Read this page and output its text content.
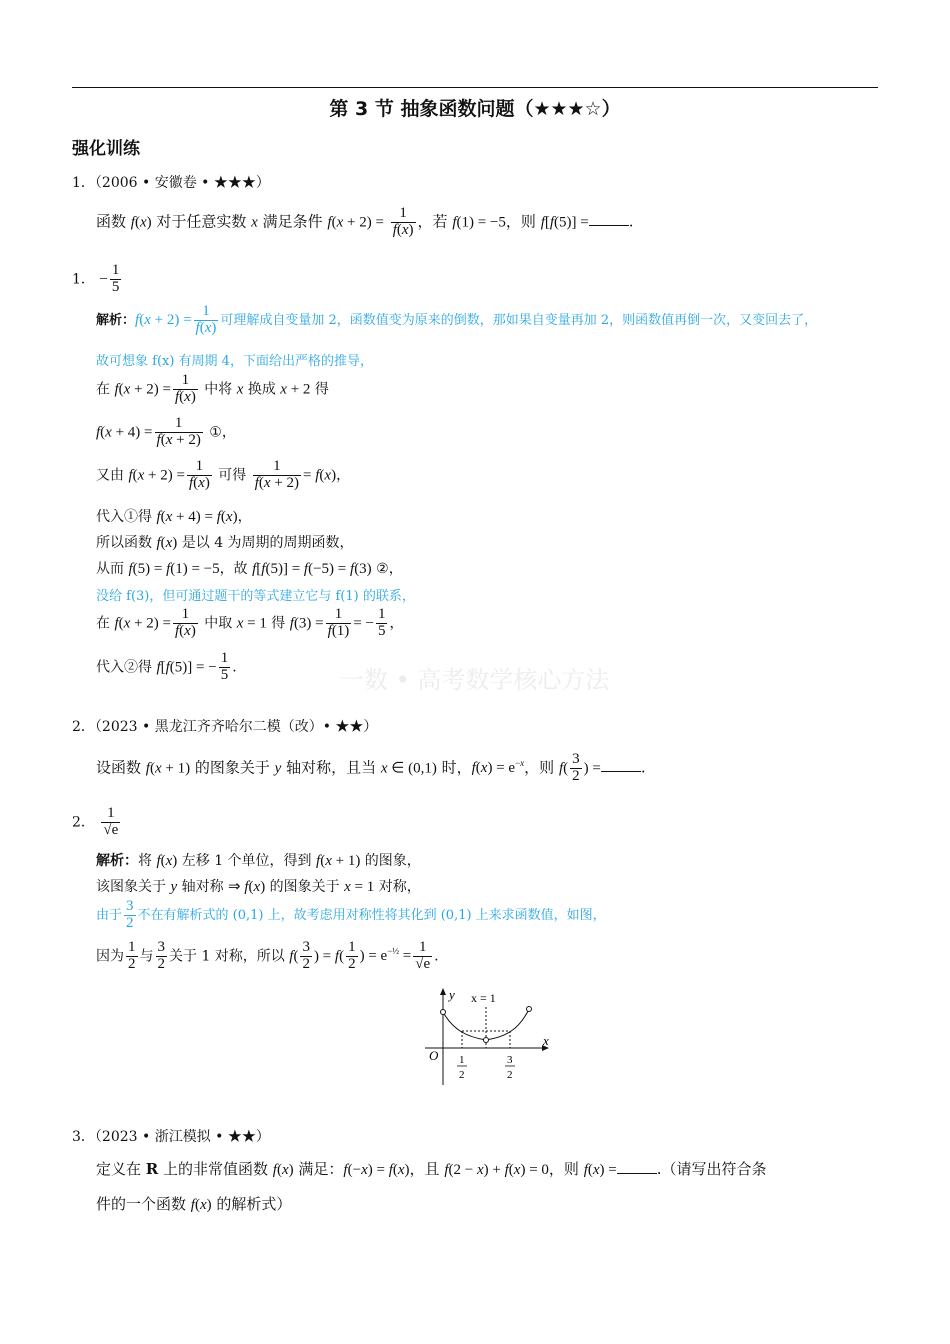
第 3 节 抽象函数问题（★★★☆）
强化训练
1．（2006 • 安徽卷 • ★★★）
函数 f(x) 对于任意实数 x 满足条件 $f(x + 2) = \frac{1}{f(x)}$ ，若 f(1) = −5，则 f[f(5)] =	.
1． − $\frac{1}{5}$
解析：$f(x + 2) = \frac{1}{f(x)}$ 可理解成自变量加 2，函数值变为原来的倒数，那如果自变量再加 2，则函数值再倒一次，又变回去了，
故可想象 f(x) 有周期 4，下面给出严格的推导，
在 $f(x + 2) = \frac{1}{f(x)}$ 中将 x 换成 x + 2 得
$f(x + 4) = \frac{1}{f(x + 2)}$ ①，
又由 $f(x + 2) = \frac{1}{f(x)}$ 可得 $\frac{1}{f(x + 2)} = f(x)$，
代入①得 f(x + 4) = f(x)，
所以函数 f(x) 是以 4 为周期的周期函数，
从而 f(5) = f(1) = −5，故 f[f(5)] = f(−5) = f(3) ②，
没给 f(3)，但可通过题干的等式建立它与 f(1) 的联系，
在 $f(x + 2) = \frac{1}{f(x)}$ 中取 x = 1 得 $f(3) = \frac{1}{f(1)}$ = − $\frac{1}{5}$ ，
代入②得 f[f(5)] = − $\frac{1}{5}$ .	一数 • 高考数学核心方法
2．（2023 • 黑龙江齐齐哈尔二模（改）• ★★）
设函数 f(x + 1) 的图象关于 y 轴对称，且当 x ∈ (0,1) 时，$f(x) = e^{-x}$，则 $f( \frac{3}{2}$ ) =	.
2． $\frac{1}{√e}$
解析：将 f(x) 左移 1 个单位，得到 f(x + 1) 的图象，
该图象关于 y 轴对称 ⇒ f(x) 的图象关于 x = 1 对称，
由于 $\frac{3}{2}$ 不在有解析式的 (0,1) 上，故考虑用对称性将其化到 (0,1) 上来求函数值，如图，
因为 $\frac{1}{2}$ 与 $\frac{3}{2}$ 关于 1 对称，所以 $f( \frac{3}{2}$ ) = $f( \frac{1}{2}$ ) = $e^{-\frac{1}{2}} = \frac{1}{√e}$ .
y
x
O
x = 1
1
2
3
2
3．（2023 • 浙江模拟 • ★★）
定义在 R 上的非常值函数 f(x) 满足：f(−x) = f(x)，且 f(2 − x) + f(x) = 0，则 f(x) =	.（请写出符合条
件的一个函数 f(x) 的解析式）
